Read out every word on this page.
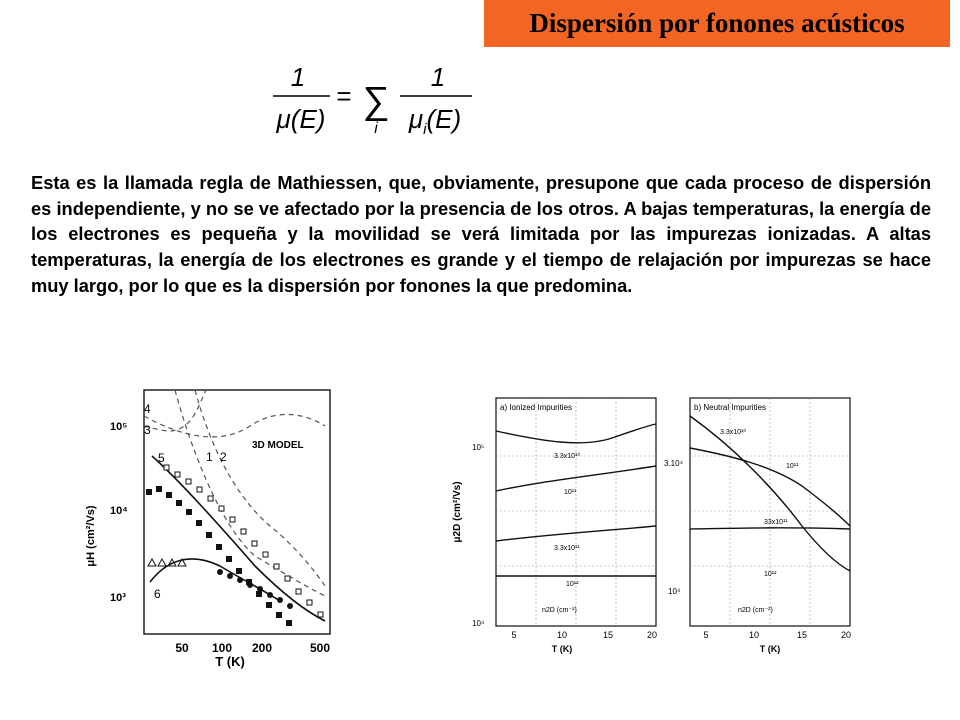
Dispersión por fonones acústicos
1
μ(E)
= ∑
i
1
$\mu_i(E)$

Esta es la llamada regla de Mathiessen, que, obviamente, presupone que cada proceso de dispersión es independiente, y no se ve afectado por la presencia de los otros. A bajas temperaturas, la energía de los electrones es pequeña y la movilidad se verá limitada por las impurezas ionizadas. A altas temperaturas, la energía de los electrones es grande y el tiempo de relajación por impurezas se hace muy largo, por lo que es la dispersión por fonones la que predomina.

3D MODEL
4
3
1 2
5
6
10⁵
10⁴
10³
μH (cm²/Vs)
50 100 200	500
T (K)
a) Ionized Impurities
3.3x10¹⁰
10¹¹
3.3x10¹¹
10¹²
n2D (cm⁻²)
10⁵
10⁴
μ2D (cm²/Vs)
5	10	15	20
T (K)
b) Neutral Impurities
3.3x10¹⁰
10¹¹
33x10¹¹
10¹²
n2D (cm⁻²)
3.10⁴
10⁴
5	10	15	20
T (K)
